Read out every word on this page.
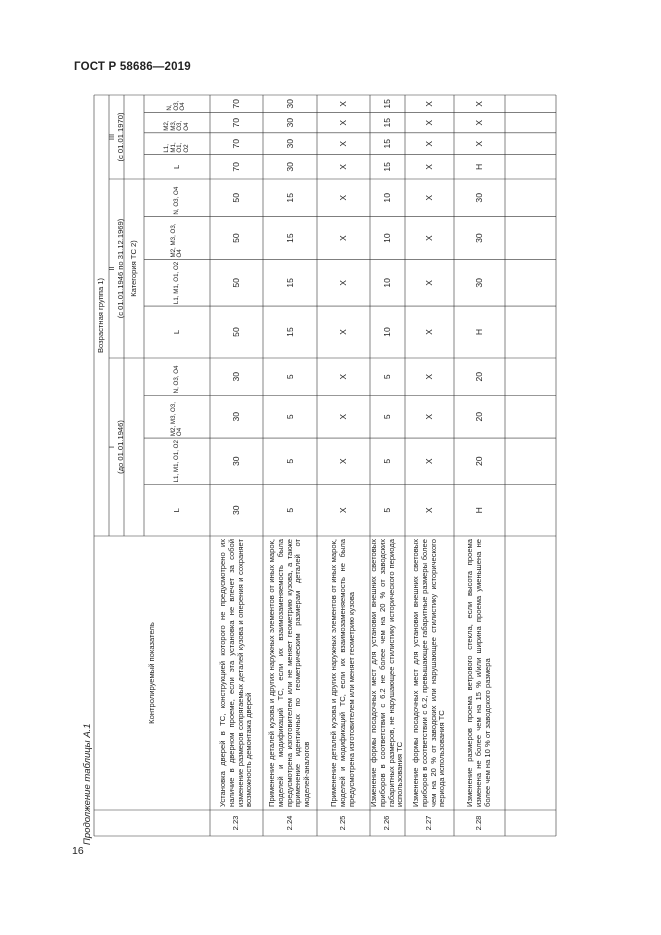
ГОСТ Р 58686—2019
Контролируемый показатель
Возрастная группа 1)
I (до 01.01.1946)
II (с 01.01.1946 по 31.12.1969)
III (с 01.01.1970)
Категория ТС 2)
L
L1, M1, O1, O2
M2, M3, O3, O4
N, O3, O4
L
L1, M1, O1, O2
M2, M3, O3, O4
N, O3, O4
L
L1, M1, O1, O2
M2, M3, O3, O4
N, O3, O4
2.23
Установка дверей в ТС, конструкцией которого не предусмотрено их наличие в дверном проеме, если эта установка не влечет за собой изменение размеров сопрягаемых деталей кузова и оперения и сохраняет возможность демонтажа дверей
30
30
30
30
50
50
50
50
70
70
70
70
2.24
Применение деталей кузова и других наружных элементов от иных марок, моделей и модификаций ТС, если их взаимозаменяемость была предусмотрена изготовителем или не меняет геометрию кузова, а также применение идентичных по геометрическим размерам деталей от моделей-аналогов
5
5
5
5
15
15
15
15
30
30
30
30
2.25
Применение деталей кузова и других наружных элементов от иных марок, моделей и модификаций ТС, если их взаимозаменяемость не была предусмотрена изготовителем или меняет геометрию кузова
X
X
X
X
X
X
X
X
X
X
X
X
2.26
Изменение формы посадочных мест для установки внешних световых приборов в соответствии с 6.2 не более чем на 20 % от заводских габаритных размеров, не нарушающее стилистику исторического периода использования ТС
5
5
5
5
10
10
10
10
15
15
15
15
2.27
Изменение формы посадочных мест для установки внешних световых приборов в соответствии с 6.2, превышающее габаритные размеры более чем на 20 % от заводских или нарушающее стилистику исторического периода использования ТС
X
X
X
X
X
X
X
X
X
X
X
X
2.28
Изменение размеров проема ветрового стекла, если высота проема изменена не более чем на 15 % и/или ширина проема уменьшена не более чем на 10 % от заводского размера
Н
20
20
20
Н
30
30
30
Н
X
X
X
Продолжение таблицы А.1
16
